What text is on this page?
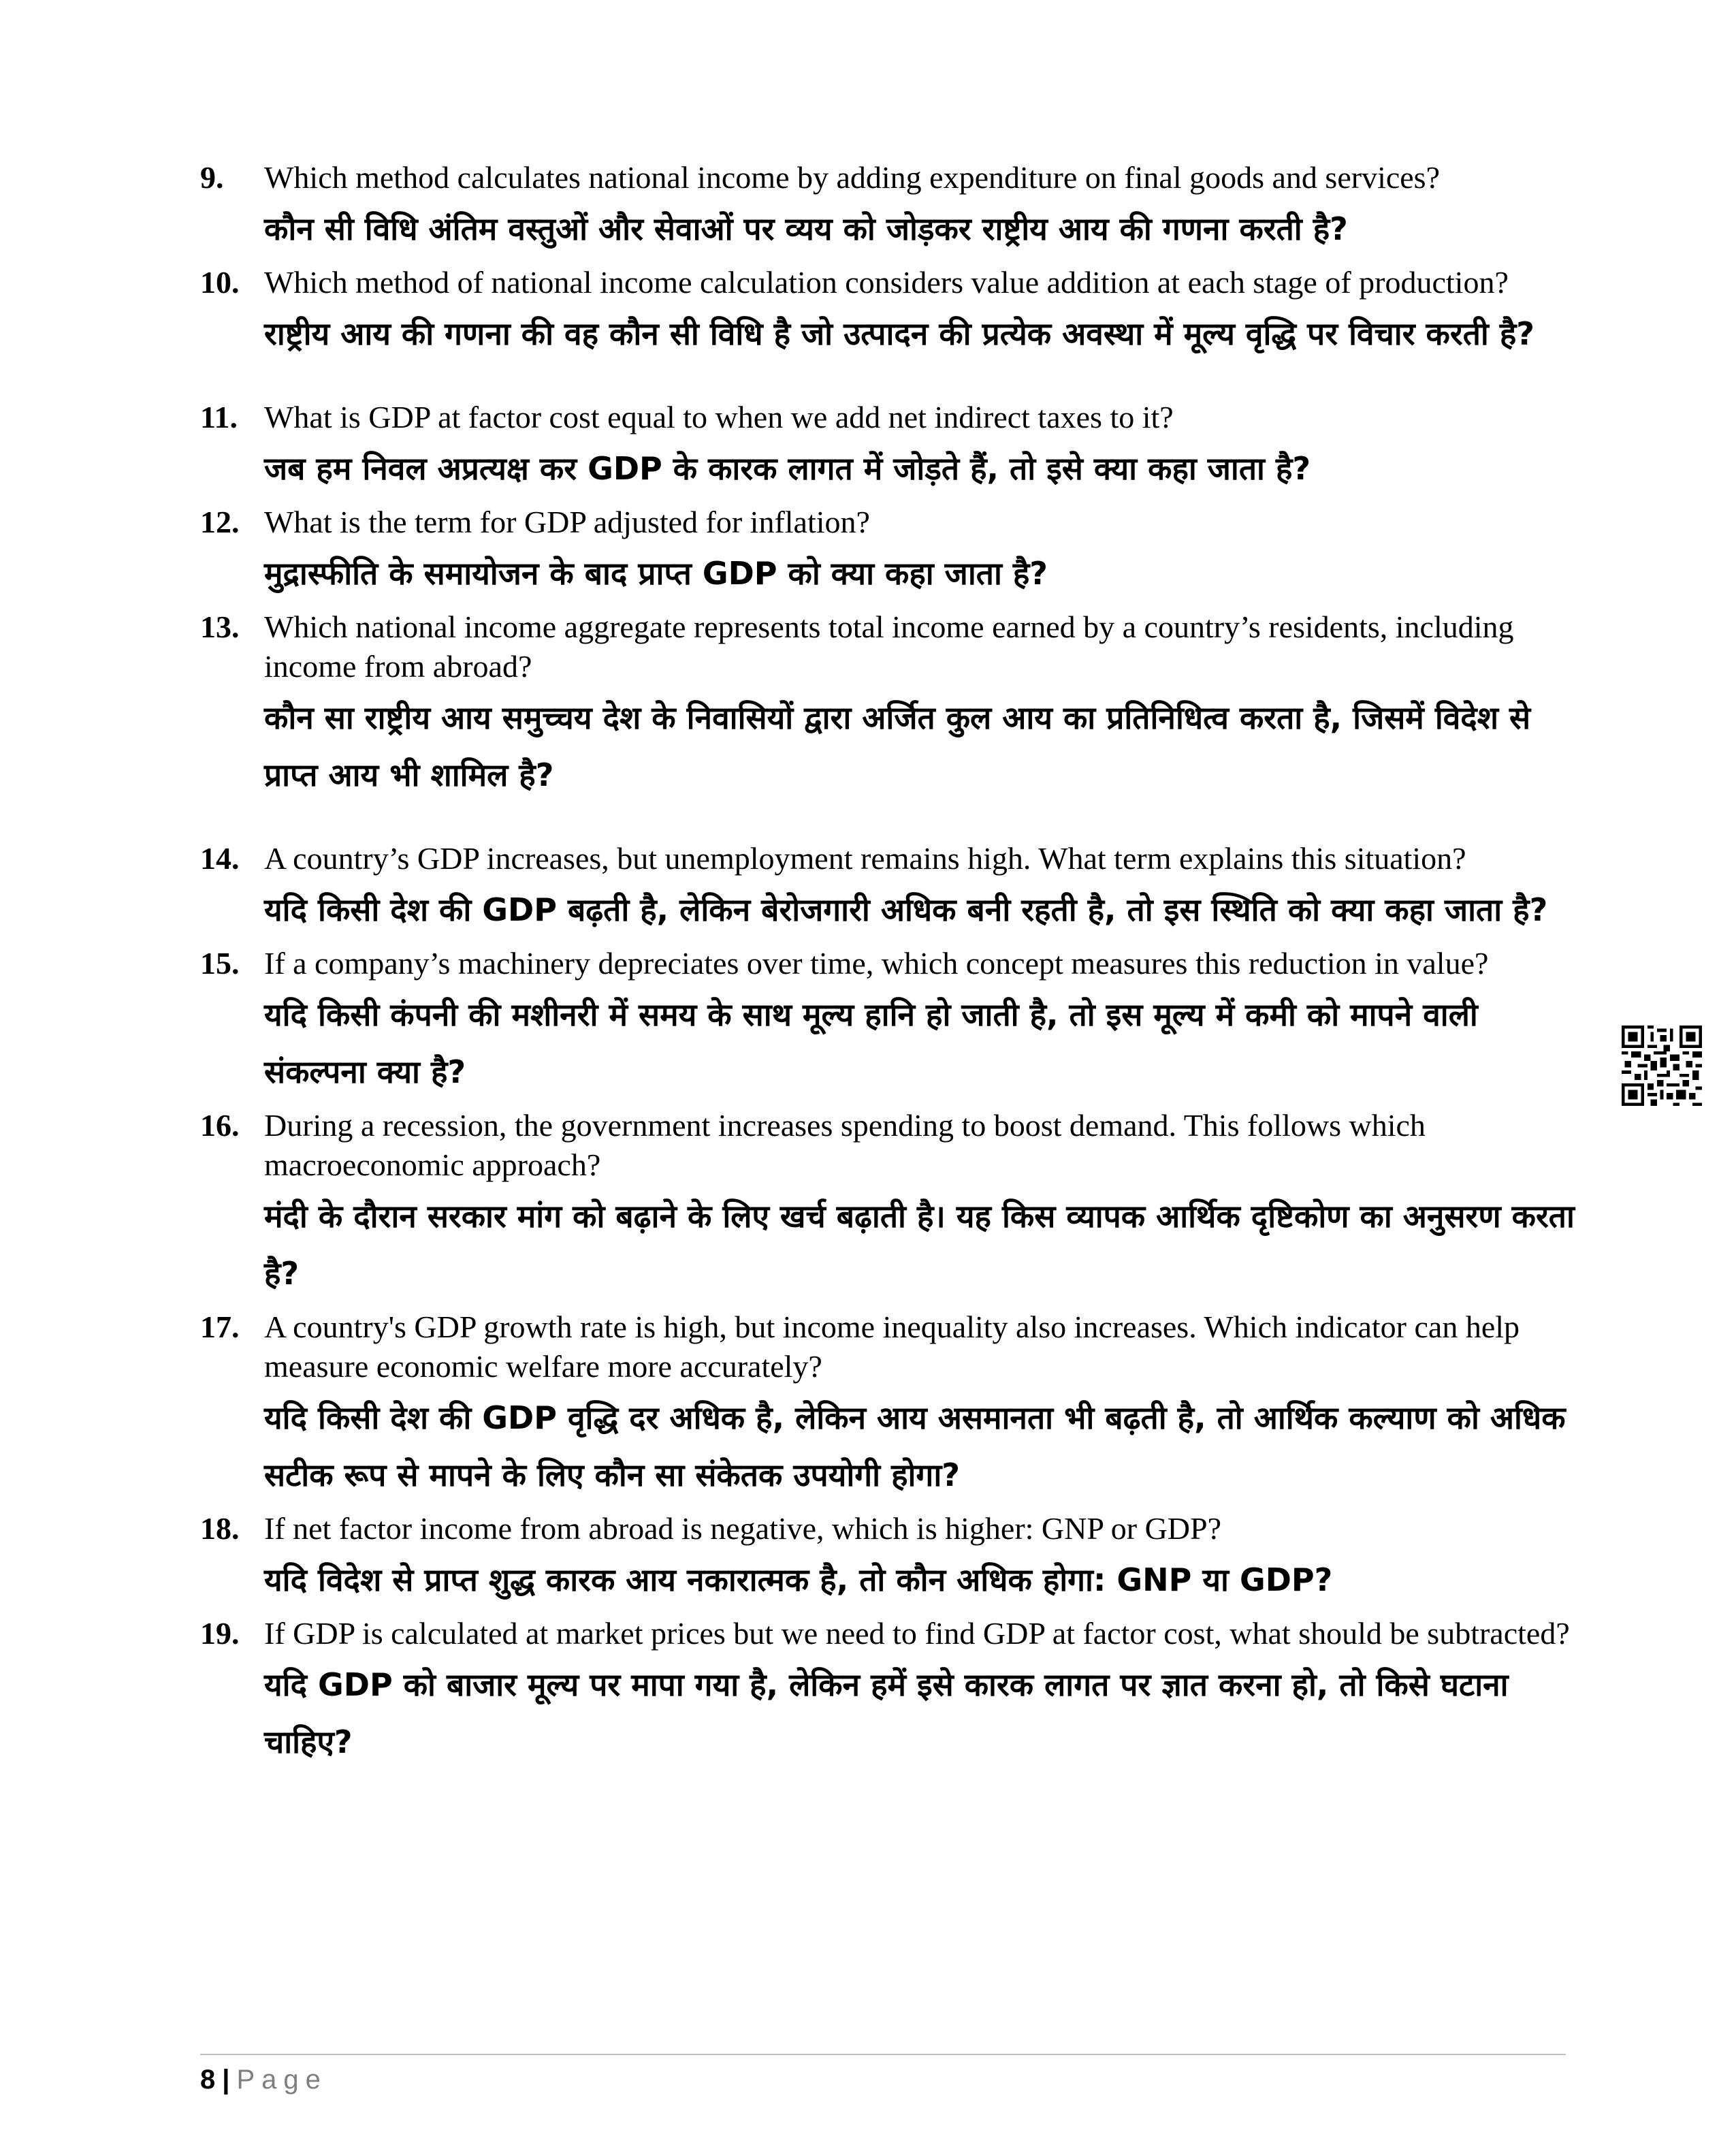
9. Which method calculates national income by adding expenditure on final goods and services?
कौन सी विधि अंतिम वस्तुओं और सेवाओं पर व्यय को जोड़कर राष्ट्रीय आय की गणना करती है?
10. Which method of national income calculation considers value addition at each stage of production?
राष्ट्रीय आय की गणना की वह कौन सी विधि है जो उत्पादन की प्रत्येक अवस्था में मूल्य वृद्धि पर विचार करती है?
11. What is GDP at factor cost equal to when we add net indirect taxes to it?
जब हम निवल अप्रत्यक्ष कर GDP के कारक लागत में जोड़ते हैं, तो इसे क्या कहा जाता है?
12. What is the term for GDP adjusted for inflation?
मुद्रास्फीति के समायोजन के बाद प्राप्त GDP को क्या कहा जाता है?
13. Which national income aggregate represents total income earned by a country’s residents, including income from abroad?
कौन सा राष्ट्रीय आय समुच्चय देश के निवासियों द्वारा अर्जित कुल आय का प्रतिनिधित्व करता है, जिसमें विदेश से प्राप्त आय भी शामिल है?
14. A country’s GDP increases, but unemployment remains high. What term explains this situation?
यदि किसी देश की GDP बढ़ती है, लेकिन बेरोजगारी अधिक बनी रहती है, तो इस स्थिति को क्या कहा जाता है?
15. If a company’s machinery depreciates over time, which concept measures this reduction in value?
यदि किसी कंपनी की मशीनरी में समय के साथ मूल्य हानि हो जाती है, तो इस मूल्य में कमी को मापने वाली संकल्पना क्या है?
16. During a recession, the government increases spending to boost demand. This follows which macroeconomic approach?
मंदी के दौरान सरकार मांग को बढ़ाने के लिए खर्च बढ़ाती है। यह किस व्यापक आर्थिक दृष्टिकोण का अनुसरण करता है?
17. A country's GDP growth rate is high, but income inequality also increases. Which indicator can help measure economic welfare more accurately?
यदि किसी देश की GDP वृद्धि दर अधिक है, लेकिन आय असमानता भी बढ़ती है, तो आर्थिक कल्याण को अधिक सटीक रूप से मापने के लिए कौन सा संकेतक उपयोगी होगा?
18. If net factor income from abroad is negative, which is higher: GNP or GDP?
यदि विदेश से प्राप्त शुद्ध कारक आय नकारात्मक है, तो कौन अधिक होगा: GNP या GDP?
19. If GDP is calculated at market prices but we need to find GDP at factor cost, what should be subtracted?
यदि GDP को बाजार मूल्य पर मापा गया है, लेकिन हमें इसे कारक लागत पर ज्ञात करना हो, तो किसे घटाना चाहिए?
8 | Page
